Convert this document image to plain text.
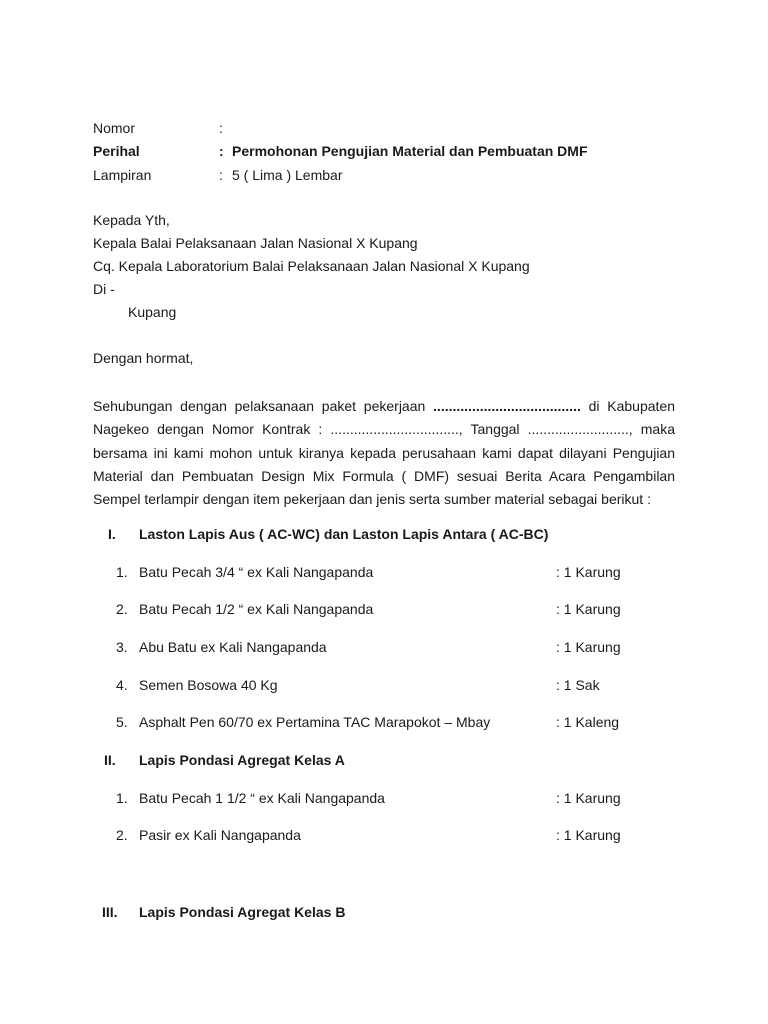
Nomor	:
Perihal	: Permohonan Pengujian Material dan Pembuatan DMF
Lampiran	: 5 ( Lima ) Lembar
Kepada Yth,
Kepala Balai Pelaksanaan Jalan Nasional X Kupang
Cq. Kepala Laboratorium Balai Pelaksanaan Jalan Nasional X Kupang
Di -
Kupang
Dengan hormat,
Sehubungan dengan pelaksanaan paket pekerjaan ...................................... di Kabupaten Nagekeo dengan Nomor Kontrak : ................................., Tanggal .........................., maka bersama ini kami mohon untuk kiranya kepada perusahaan kami dapat dilayani Pengujian Material dan Pembuatan Design Mix Formula ( DMF) sesuai Berita Acara Pengambilan Sempel terlampir dengan item pekerjaan dan jenis serta sumber material sebagai berikut :
I. Laston Lapis Aus ( AC-WC) dan Laston Lapis Antara ( AC-BC)
1. Batu Pecah 3/4 “ ex Kali Nangapanda	: 1 Karung
2. Batu Pecah 1/2 “ ex Kali Nangapanda	: 1 Karung
3. Abu Batu ex Kali Nangapanda	: 1 Karung
4. Semen Bosowa 40 Kg	: 1 Sak
5. Asphalt Pen 60/70 ex Pertamina TAC Marapokot – Mbay	: 1 Kaleng
II. Lapis Pondasi Agregat Kelas A
1. Batu Pecah 1 1/2 “ ex Kali Nangapanda	: 1 Karung
2. Pasir ex Kali Nangapanda	: 1 Karung
III. Lapis Pondasi Agregat Kelas B
